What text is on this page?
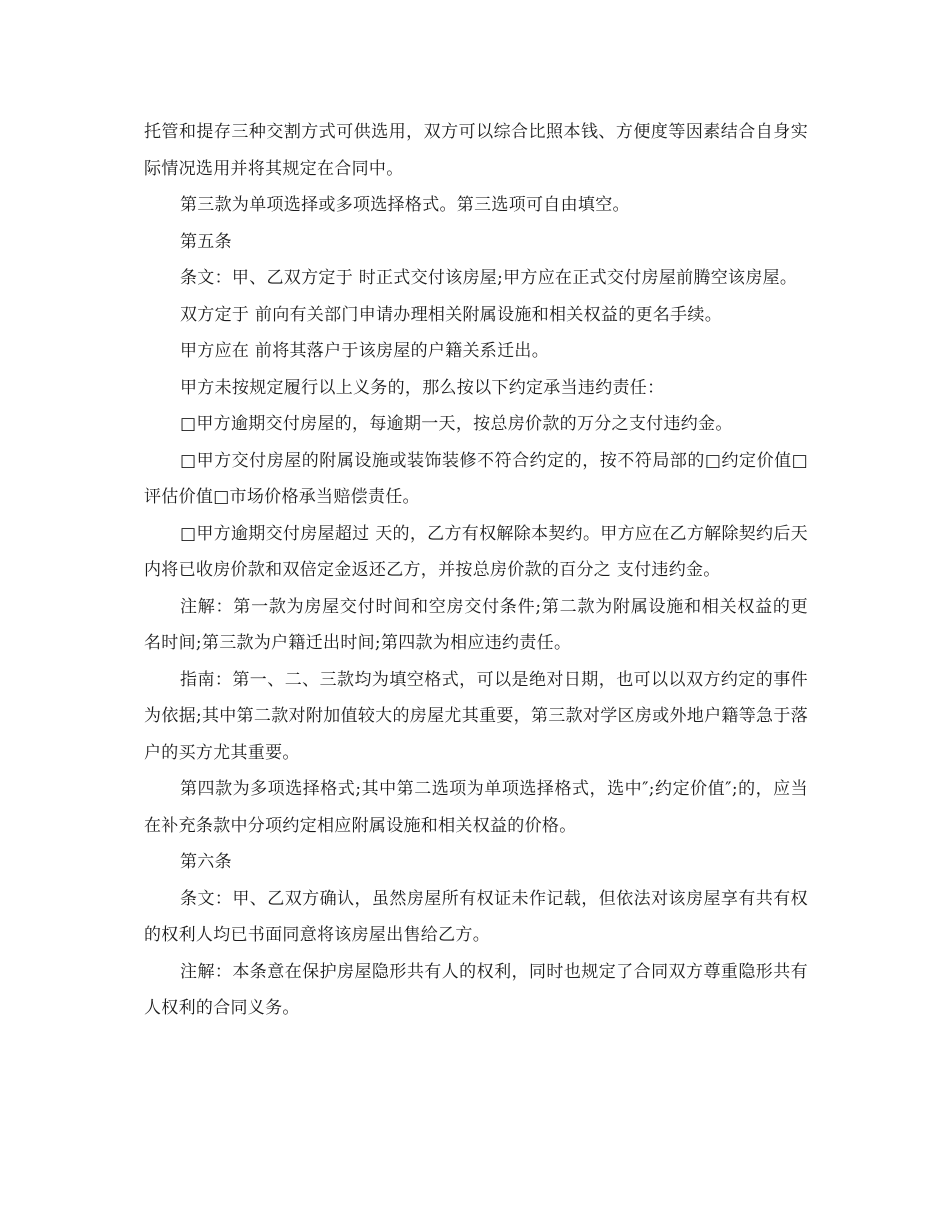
托管和提存三种交割方式可供选用，双方可以综合比照本钱、方便度等因素结合自身实际情况选用并将其规定在合同中。

第三款为单项选择或多项选择格式。第三选项可自由填空。

第五条

条文：甲、乙双方定于 时正式交付该房屋;甲方应在正式交付房屋前腾空该房屋。

双方定于 前向有关部门申请办理相关附属设施和相关权益的更名手续。

甲方应在 前将其落户于该房屋的户籍关系迁出。

甲方未按规定履行以上义务的，那么按以下约定承当违约责任：

□甲方逾期交付房屋的，每逾期一天，按总房价款的万分之支付违约金。

□甲方交付房屋的附属设施或装饰装修不符合约定的，按不符局部的□约定价值□评估价值□市场价格承当赔偿责任。

□甲方逾期交付房屋超过 天的，乙方有权解除本契约。甲方应在乙方解除契约后天内将已收房价款和双倍定金返还乙方，并按总房价款的百分之 支付违约金。

注解：第一款为房屋交付时间和空房交付条件;第二款为附属设施和相关权益的更名时间;第三款为户籍迁出时间;第四款为相应违约责任。

指南：第一、二、三款均为填空格式，可以是绝对日期，也可以以双方约定的事件为依据;其中第二款对附加值较大的房屋尤其重要，第三款对学区房或外地户籍等急于落户的买方尤其重要。

第四款为多项选择格式;其中第二选项为单项选择格式，选中″;约定价值″;的，应当在补充条款中分项约定相应附属设施和相关权益的价格。

第六条

条文：甲、乙双方确认，虽然房屋所有权证未作记载，但依法对该房屋享有共有权的权利人均已书面同意将该房屋出售给乙方。

注解：本条意在保护房屋隐形共有人的权利，同时也规定了合同双方尊重隐形共有人权利的合同义务。
